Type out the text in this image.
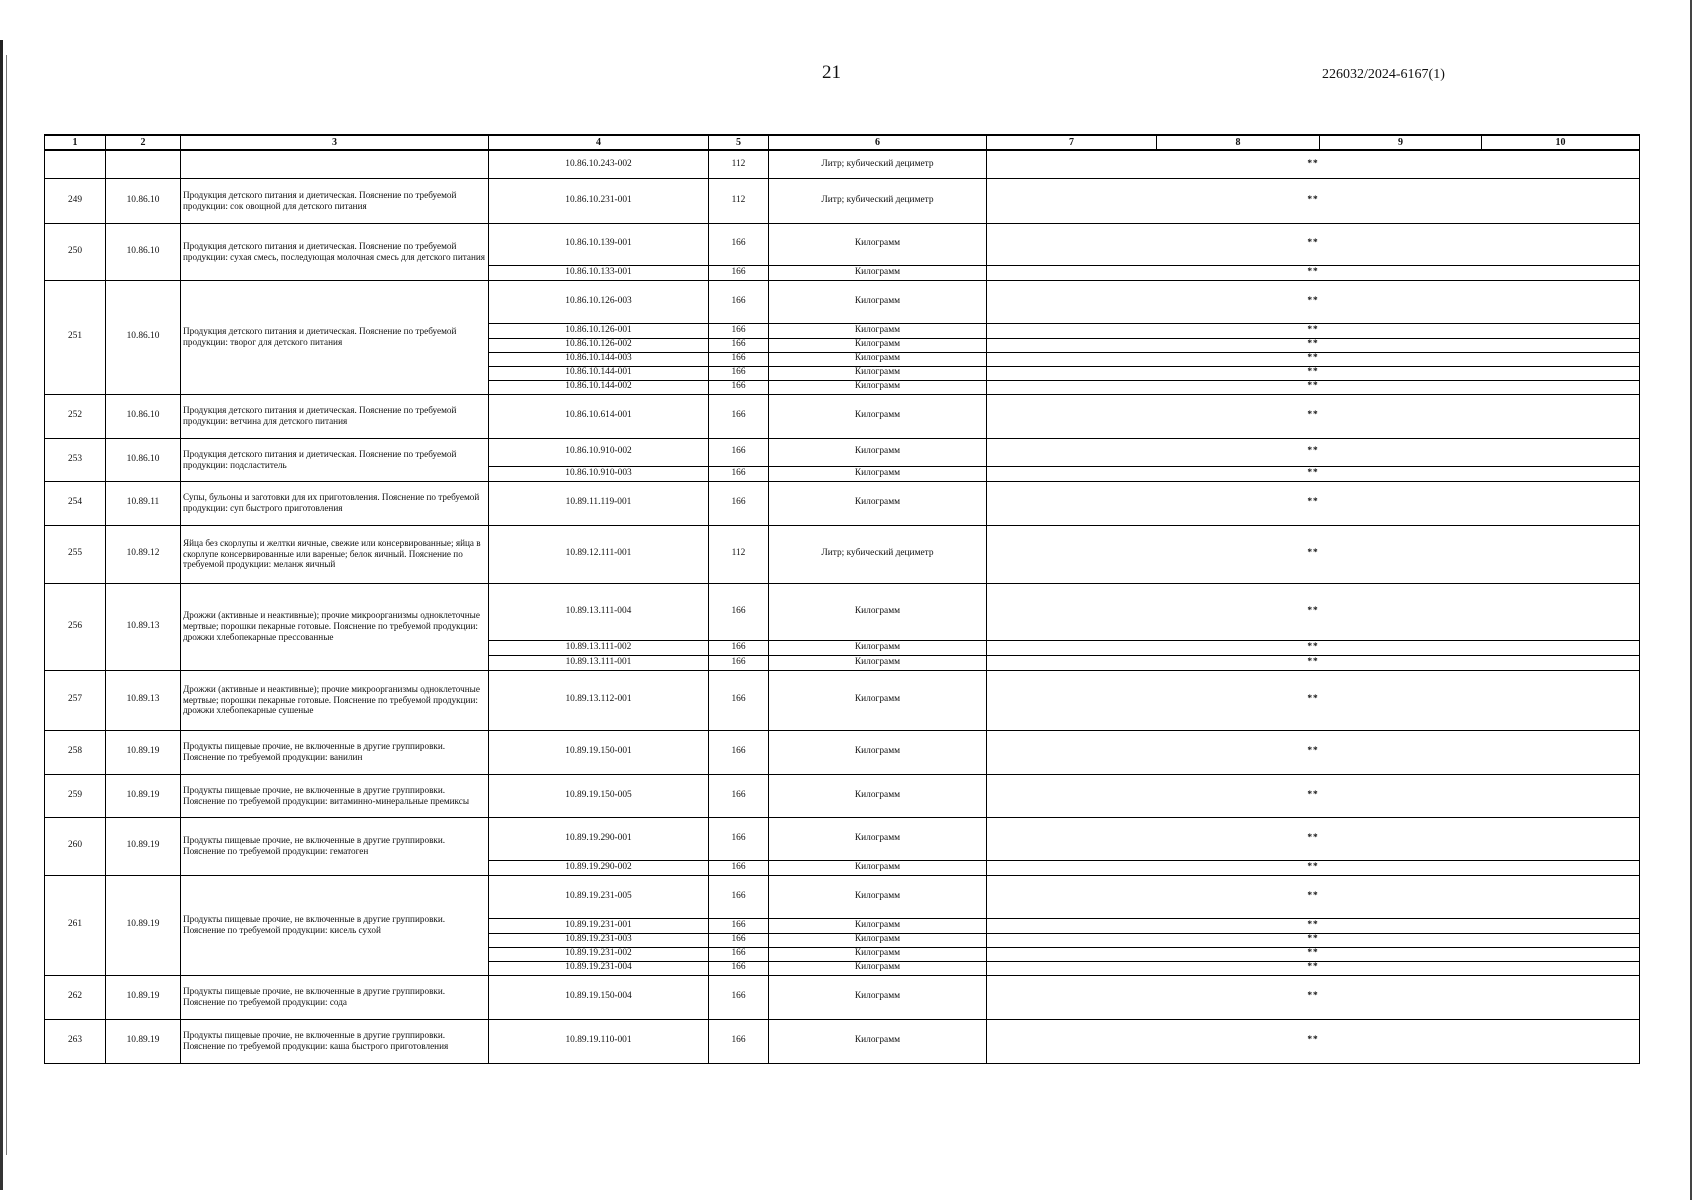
21	226032/2024-6167(1)
1	2	3	4	5	6	7	8	9	10
			10.86.10.243-002	112	Литр; кубический дециметр	**			
249	10.86.10	Продукция детского питания и диетическая. Пояснение по требуемой продукции: сок овощной для детского питания	10.86.10.231-001	112	Литр; кубический дециметр	**			
250	10.86.10	Продукция детского питания и диетическая. Пояснение по требуемой продукции: сухая смесь, последующая молочная смесь для детского питания	10.86.10.139-001	166	Килограмм	**			
			10.86.10.133-001	166	Килограмм	**			
251	10.86.10	Продукция детского питания и диетическая. Пояснение по требуемой продукции: творог для детского питания	10.86.10.126-003	166	Килограмм	**			
			10.86.10.126-001	166	Килограмм	**			
			10.86.10.126-002	166	Килограмм	**			
			10.86.10.144-003	166	Килограмм	**			
			10.86.10.144-001	166	Килограмм	**			
			10.86.10.144-002	166	Килограмм	**			
252	10.86.10	Продукция детского питания и диетическая. Пояснение по требуемой продукции: ветчина для детского питания	10.86.10.614-001	166	Килограмм	**			
253	10.86.10	Продукция детского питания и диетическая. Пояснение по требуемой продукции: подсластитель	10.86.10.910-002	166	Килограмм	**			
			10.86.10.910-003	166	Килограмм	**			
254	10.89.11	Супы, бульоны и заготовки для их приготовления. Пояснение по требуемой продукции: суп быстрого приготовления	10.89.11.119-001	166	Килограмм	**			
255	10.89.12	Яйца без скорлупы и желтки яичные, свежие или консервированные; яйца в скорлупе консервированные или вареные; белок яичный. Пояснение по требуемой продукции: меланж яичный	10.89.12.111-001	112	Литр; кубический дециметр	**			
256	10.89.13	Дрожжи (активные и неактивные); прочие микроорганизмы одноклеточные мертвые; порошки пекарные готовые. Пояснение по требуемой продукции: дрожжи хлебопекарные прессованные	10.89.13.111-004	166	Килограмм	**			
			10.89.13.111-002	166	Килограмм	**			
			10.89.13.111-001	166	Килограмм	**			
257	10.89.13	Дрожжи (активные и неактивные); прочие микроорганизмы одноклеточные мертвые; порошки пекарные готовые. Пояснение по требуемой продукции: дрожжи хлебопекарные сушеные	10.89.13.112-001	166	Килограмм	**			
258	10.89.19	Продукты пищевые прочие, не включенные в другие группировки. Пояснение по требуемой продукции: ванилин	10.89.19.150-001	166	Килограмм	**			
259	10.89.19	Продукты пищевые прочие, не включенные в другие группировки. Пояснение по требуемой продукции: витаминно-минеральные премиксы	10.89.19.150-005	166	Килограмм	**			
260	10.89.19	Продукты пищевые прочие, не включенные в другие группировки. Пояснение по требуемой продукции: гематоген	10.89.19.290-001	166	Килограмм	**			
			10.89.19.290-002	166	Килограмм	**			
261	10.89.19	Продукты пищевые прочие, не включенные в другие группировки. Пояснение по требуемой продукции: кисель сухой	10.89.19.231-005	166	Килограмм	**			
			10.89.19.231-001	166	Килограмм	**			
			10.89.19.231-003	166	Килограмм	**			
			10.89.19.231-002	166	Килограмм	**			
			10.89.19.231-004	166	Килограмм	**			
262	10.89.19	Продукты пищевые прочие, не включенные в другие группировки. Пояснение по требуемой продукции: сода	10.89.19.150-004	166	Килограмм	**			
263	10.89.19	Продукты пищевые прочие, не включенные в другие группировки. Пояснение по требуемой продукции: каша быстрого приготовления	10.89.19.110-001	166	Килограмм	**			
